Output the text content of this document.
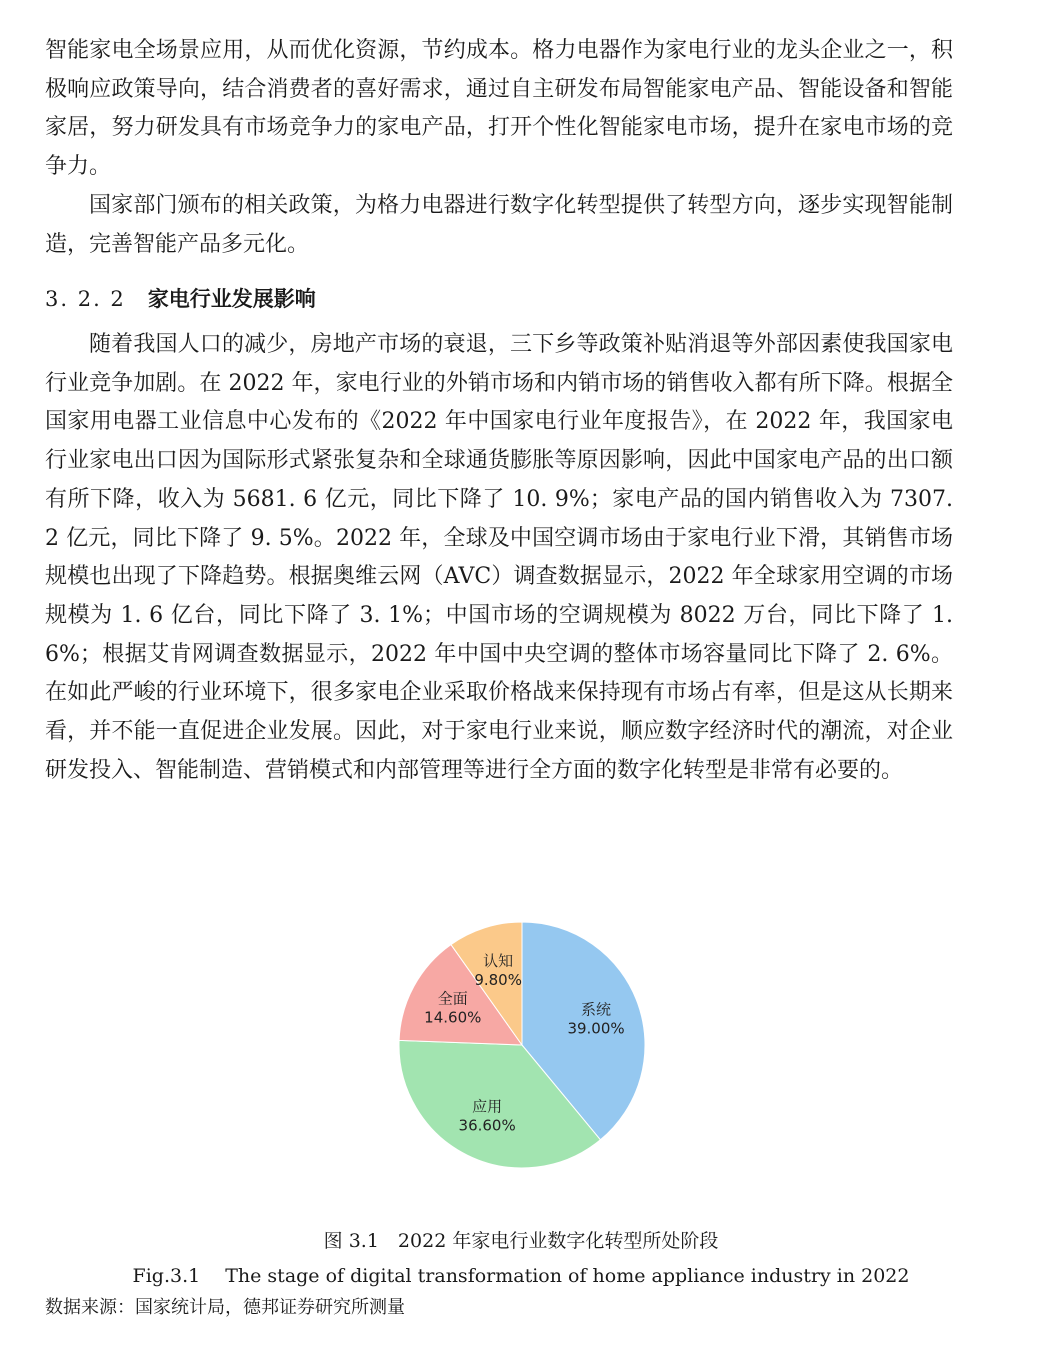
智能家电全场景应用，从而优化资源，节约成本。格力电器作为家电行业的龙头企业之一，积极响应政策导向，结合消费者的喜好需求，通过自主研发布局智能家电产品、智能设备和智能家居，努力研发具有市场竞争力的家电产品，打开个性化智能家电市场，提升在家电市场的竞争力。

国家部门颁布的相关政策，为格力电器进行数字化转型提供了转型方向，逐步实现智能制造，完善智能产品多元化。

3. 2. 2 家电行业发展影响

随着我国人口的减少，房地产市场的衰退，三下乡等政策补贴消退等外部因素使我国家电行业竞争加剧。在 2022 年，家电行业的外销市场和内销市场的销售收入都有所下降。根据全国家用电器工业信息中心发布的《2022 年中国家电行业年度报告》，在 2022 年，我国家电行业家电出口因为国际形式紧张复杂和全球通货膨胀等原因影响，因此中国家电产品的出口额有所下降，收入为 5681. 6 亿元，同比下降了 10. 9%；家电产品的国内销售收入为 7307. 2 亿元，同比下降了 9. 5%。2022 年，全球及中国空调市场由于家电行业下滑，其销售市场规模也出现了下降趋势。根据奥维云网（AVC）调查数据显示，2022 年全球家用空调的市场规模为 1. 6 亿台，同比下降了 3. 1%；中国市场的空调规模为 8022 万台，同比下降了 1. 6%；根据艾肯网调查数据显示，2022 年中国中央空调的整体市场容量同比下降了 2. 6%。在如此严峻的行业环境下，很多家电企业采取价格战来保持现有市场占有率，但是这从长期来看，并不能一直促进企业发展。因此，对于家电行业来说，顺应数字经济时代的潮流，对企业研发投入、智能制造、营销模式和内部管理等进行全方面的数字化转型是非常有必要的。

系统
39.00%
应用
36.60%
全面
14.60%
认知
9.80%

图 3.1　2022 年家电行业数字化转型所处阶段

Fig.3.1　 The stage of digital transformation of home appliance industry in 2022

数据来源：国家统计局，德邦证券研究所测量
